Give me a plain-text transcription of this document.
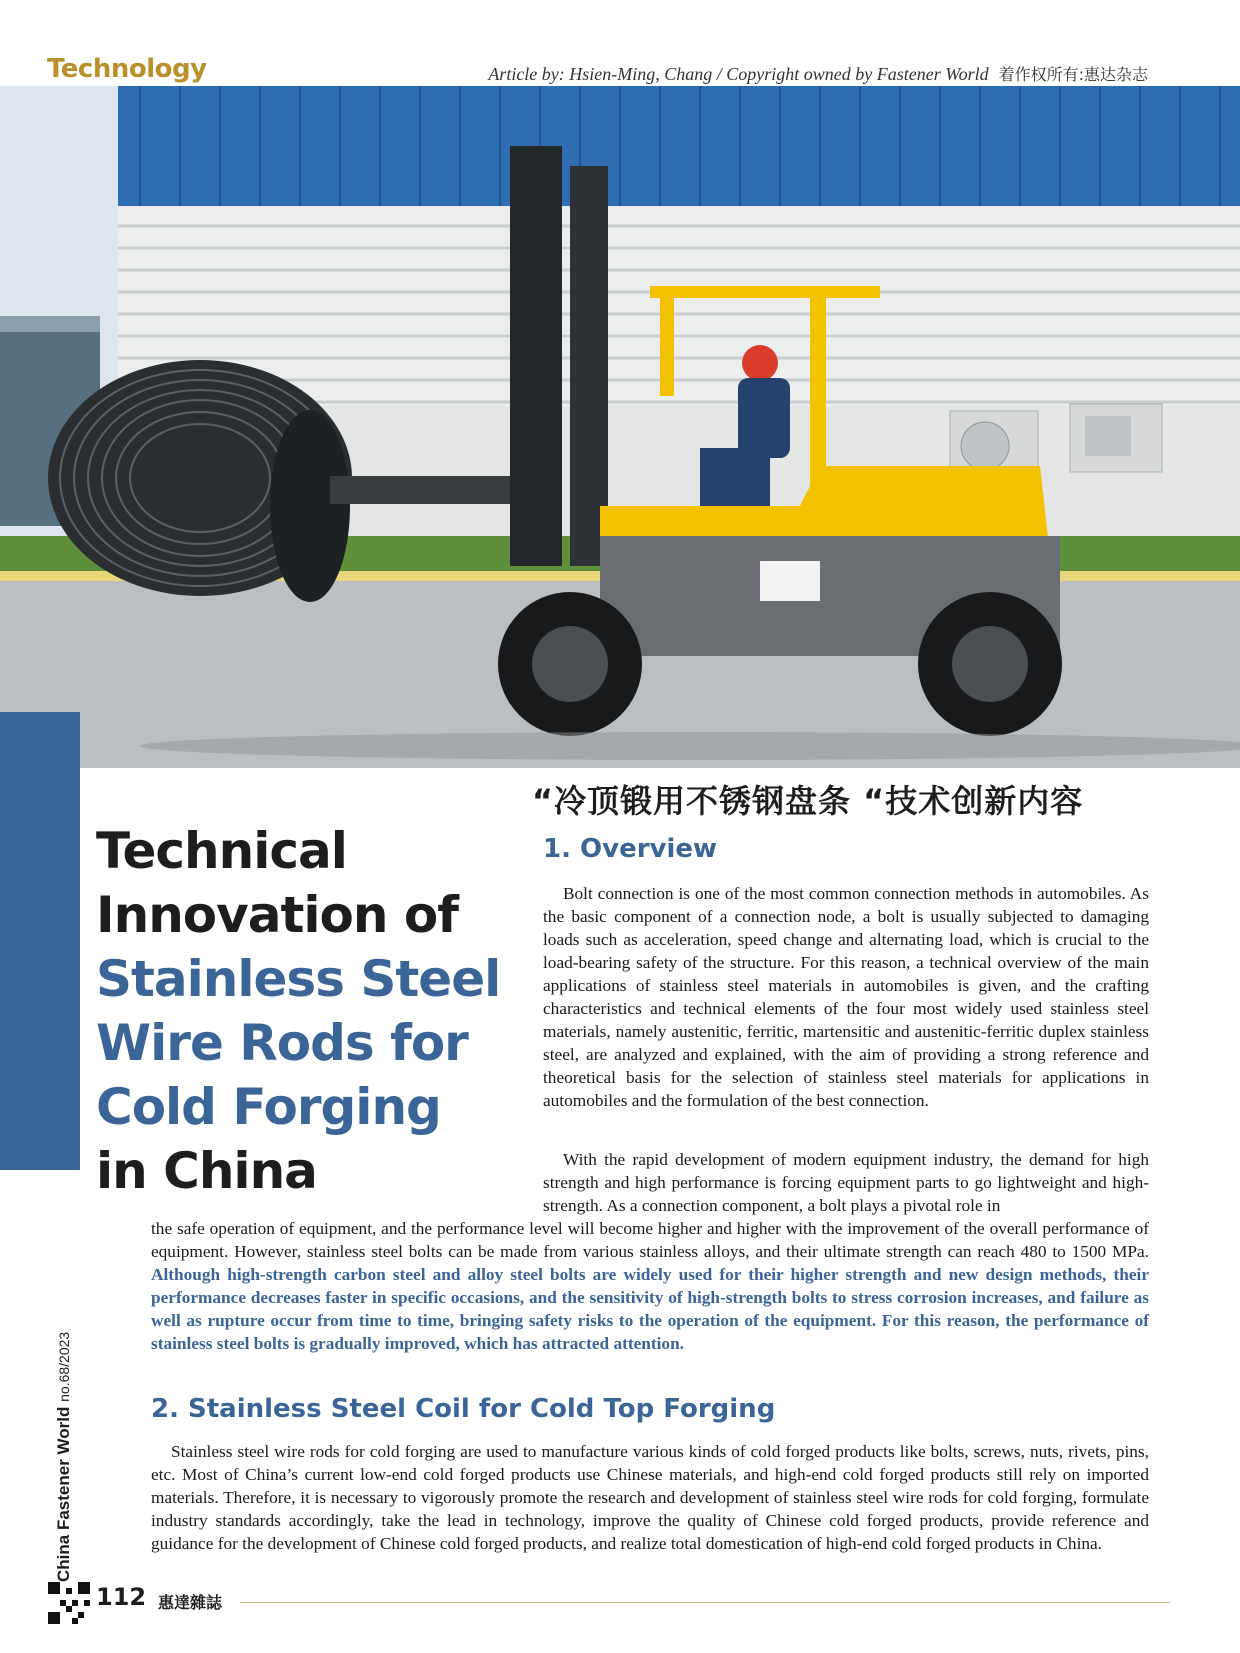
Technology	Article by: Hsien-Ming, Chang / Copyright owned by Fastener World 着作权所有:惠达杂志
Technical
Innovation of
Stainless Steel
Wire Rods for
Cold Forging
in China
“冷顶锻用不锈钢盘条 “技术创新内容
1. Overview

Bolt connection is one of the most common connection methods in automobiles. As the basic component of a connection node, a bolt is usually subjected to damaging loads such as acceleration, speed change and alternating load, which is crucial to the load-bearing safety of the structure. For this reason, a technical overview of the main applications of stainless steel materials in automobiles is given, and the crafting characteristics and technical elements of the four most widely used stainless steel materials, namely austenitic, ferritic, martensitic and austenitic-ferritic duplex stainless steel, are analyzed and explained, with the aim of providing a strong reference and theoretical basis for the selection of stainless steel materials for applications in automobiles and the formulation of the best connection.

With the rapid development of modern equipment industry, the demand for high strength and high performance is forcing equipment parts to go lightweight and high-strength. As a connection component, a bolt plays a pivotal role in

the safe operation of equipment, and the performance level will become higher and higher with the improvement of the overall performance of equipment. However, stainless steel bolts can be made from various stainless alloys, and their ultimate strength can reach 480 to 1500 MPa. Although high-strength carbon steel and alloy steel bolts are widely used for their higher strength and new design methods, their performance decreases faster in specific occasions, and the sensitivity of high-strength bolts to stress corrosion increases, and failure as well as rupture occur from time to time, bringing safety risks to the operation of the equipment. For this reason, the performance of stainless steel bolts is gradually improved, which has attracted attention.

2. Stainless Steel Coil for Cold Top Forging

Stainless steel wire rods for cold forging are used to manufacture various kinds of cold forged products like bolts, screws, nuts, rivets, pins, etc. Most of China’s current low-end cold forged products use Chinese materials, and high-end cold forged products still rely on imported materials. Therefore, it is necessary to vigorously promote the research and development of stainless steel wire rods for cold forging, formulate industry standards accordingly, take the lead in technology, improve the quality of Chinese cold forged products, provide reference and guidance for the development of Chinese cold forged products, and realize total domestication of high-end cold forged products in China.

China Fastener World no.68/2023
112 惠達雜誌
